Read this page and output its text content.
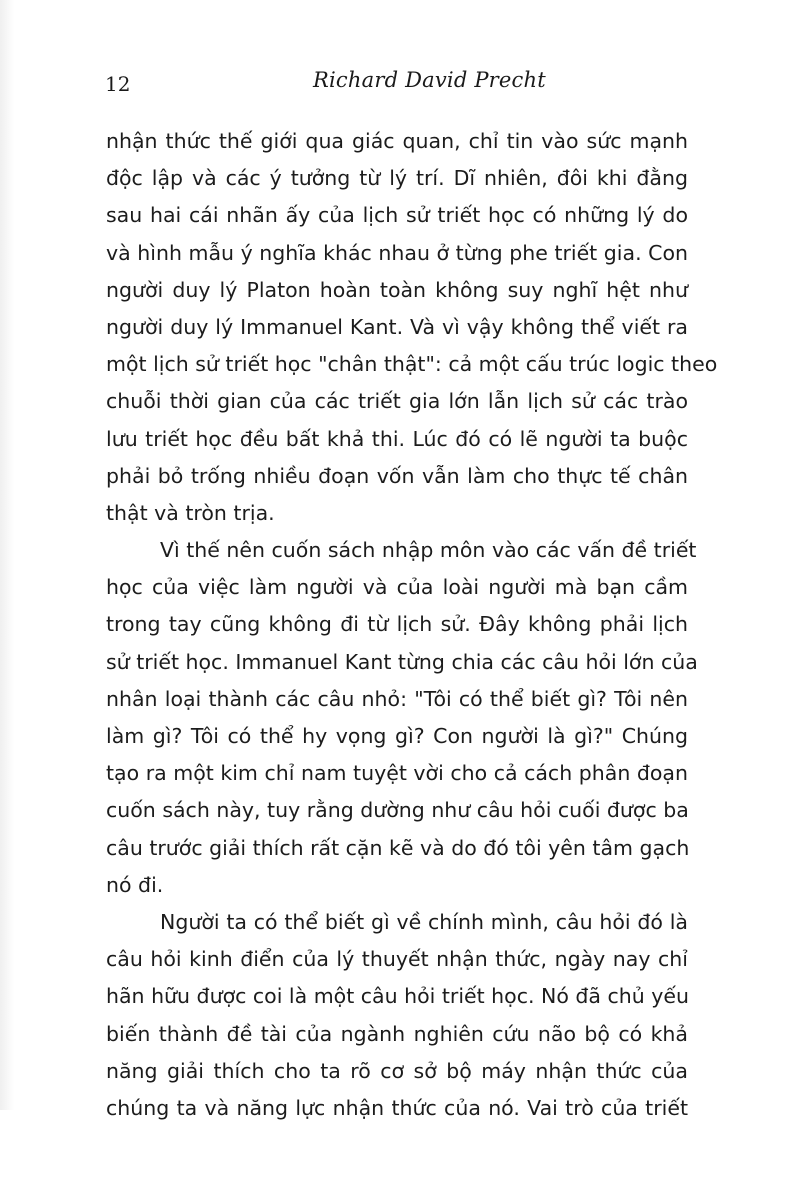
12	Richard David Precht
nhận thức thế giới qua giác quan, chỉ tin vào sức mạnh
độc lập và các ý tưởng từ lý trí. Dĩ nhiên, đôi khi đằng
sau hai cái nhãn ấy của lịch sử triết học có những lý do
và hình mẫu ý nghĩa khác nhau ở từng phe triết gia. Con
người duy lý Platon hoàn toàn không suy nghĩ hệt như
người duy lý Immanuel Kant. Và vì vậy không thể viết ra
một lịch sử triết học "chân thật": cả một cấu trúc logic theo
chuỗi thời gian của các triết gia lớn lẫn lịch sử các trào
lưu triết học đều bất khả thi. Lúc đó có lẽ người ta buộc
phải bỏ trống nhiều đoạn vốn vẫn làm cho thực tế chân
thật và tròn trịa.
Vì thế nên cuốn sách nhập môn vào các vấn đề triết
học của việc làm người và của loài người mà bạn cầm
trong tay cũng không đi từ lịch sử. Đây không phải lịch
sử triết học. Immanuel Kant từng chia các câu hỏi lớn của
nhân loại thành các câu nhỏ: "Tôi có thể biết gì? Tôi nên
làm gì? Tôi có thể hy vọng gì? Con người là gì?" Chúng
tạo ra một kim chỉ nam tuyệt vời cho cả cách phân đoạn
cuốn sách này, tuy rằng dường như câu hỏi cuối được ba
câu trước giải thích rất cặn kẽ và do đó tôi yên tâm gạch
nó đi.
Người ta có thể biết gì về chính mình, câu hỏi đó là
câu hỏi kinh điển của lý thuyết nhận thức, ngày nay chỉ
hãn hữu được coi là một câu hỏi triết học. Nó đã chủ yếu
biến thành đề tài của ngành nghiên cứu não bộ có khả
năng giải thích cho ta rõ cơ sở bộ máy nhận thức của
chúng ta và năng lực nhận thức của nó. Vai trò của triết
